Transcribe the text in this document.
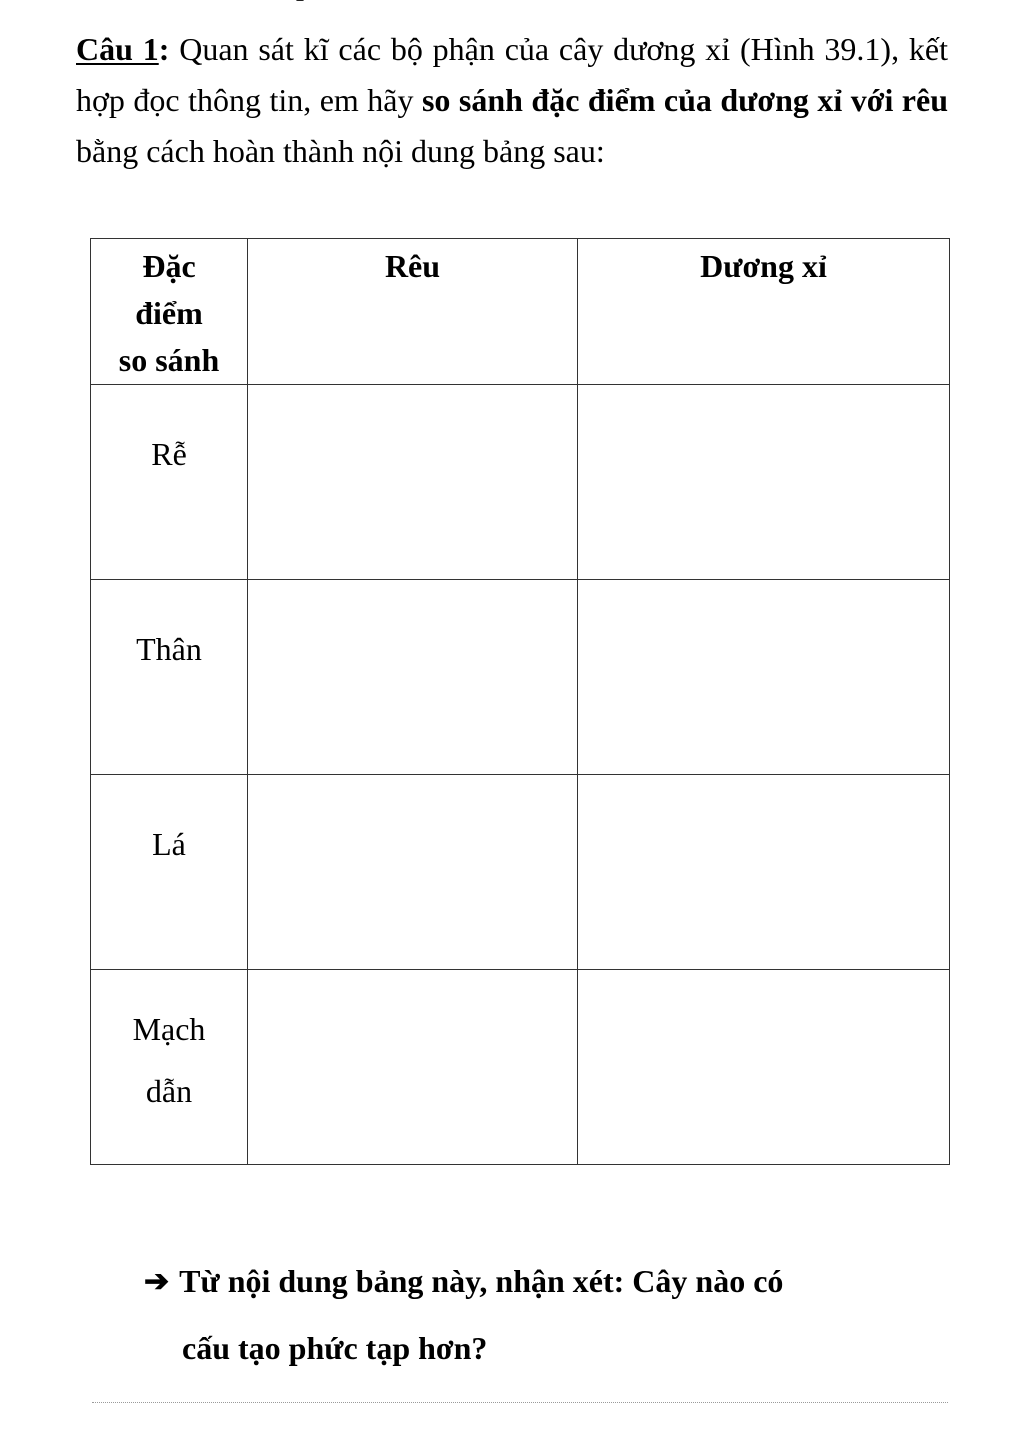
Câu 1: Quan sát kĩ các bộ phận của cây dương xỉ (Hình 39.1), kết hợp đọc thông tin, em hãy so sánh đặc điểm của dương xỉ với rêu bằng cách hoàn thành nội dung bảng sau:
Đặc
điểm
so sánh	Rêu	Dương xỉ
Rễ		
Thân		
Lá		

Mạch
dẫn		

➔ Từ nội dung bảng này, nhận xét: Cây nào có
cấu tạo phức tạp hơn?
